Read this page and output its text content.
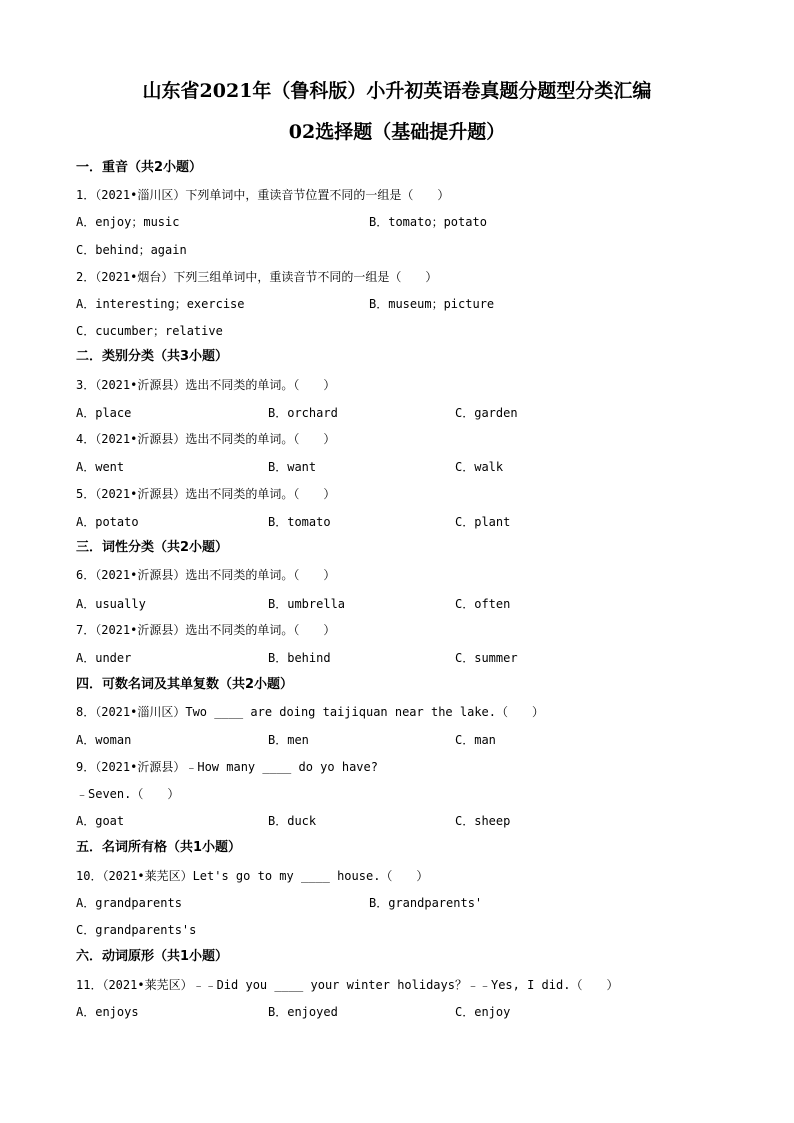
山东省2021年（鲁科版）小升初英语卷真题分题型分类汇编
02选择题（基础提升题）
一．重音（共2小题）
1．（2021•淄川区）下列单词中，重读音节位置不同的一组是（　　）
A．enjoy；music	B．tomato；potato
C．behind；again
2．（2021•烟台）下列三组单词中，重读音节不同的一组是（　　）
A．interesting；exercise	B．museum；picture
C．cucumber；relative
二．类别分类（共3小题）
3．（2021•沂源县）选出不同类的单词。（　　）
A．place	B．orchard	C．garden
4．（2021•沂源县）选出不同类的单词。（　　）
A．went	B．want	C．walk
5．（2021•沂源县）选出不同类的单词。（　　）
A．potato	B．tomato	C．plant
三．词性分类（共2小题）
6．（2021•沂源县）选出不同类的单词。（　　）
A．usually	B．umbrella	C．often
7．（2021•沂源县）选出不同类的单词。（　　）
A．under	B．behind	C．summer
四．可数名词及其单复数（共2小题）
8．（2021•淄川区）Two ____ are doing taijiquan near the lake.（　　）
A．woman	B．men	C．man
9．（2021•沂源县）﹣How many ____ do yo have?
﹣Seven.（　　）
A．goat	B．duck	C．sheep
五．名词所有格（共1小题）
10．（2021•莱芜区）Let's go to my ____ house.（　　）
A．grandparents	B．grandparents'
C．grandparents's
六．动词原形（共1小题）
11．（2021•莱芜区）﹣﹣Did you ____ your winter holidays？﹣﹣Yes, I did.（　　）
A．enjoys	B．enjoyed	C．enjoy
